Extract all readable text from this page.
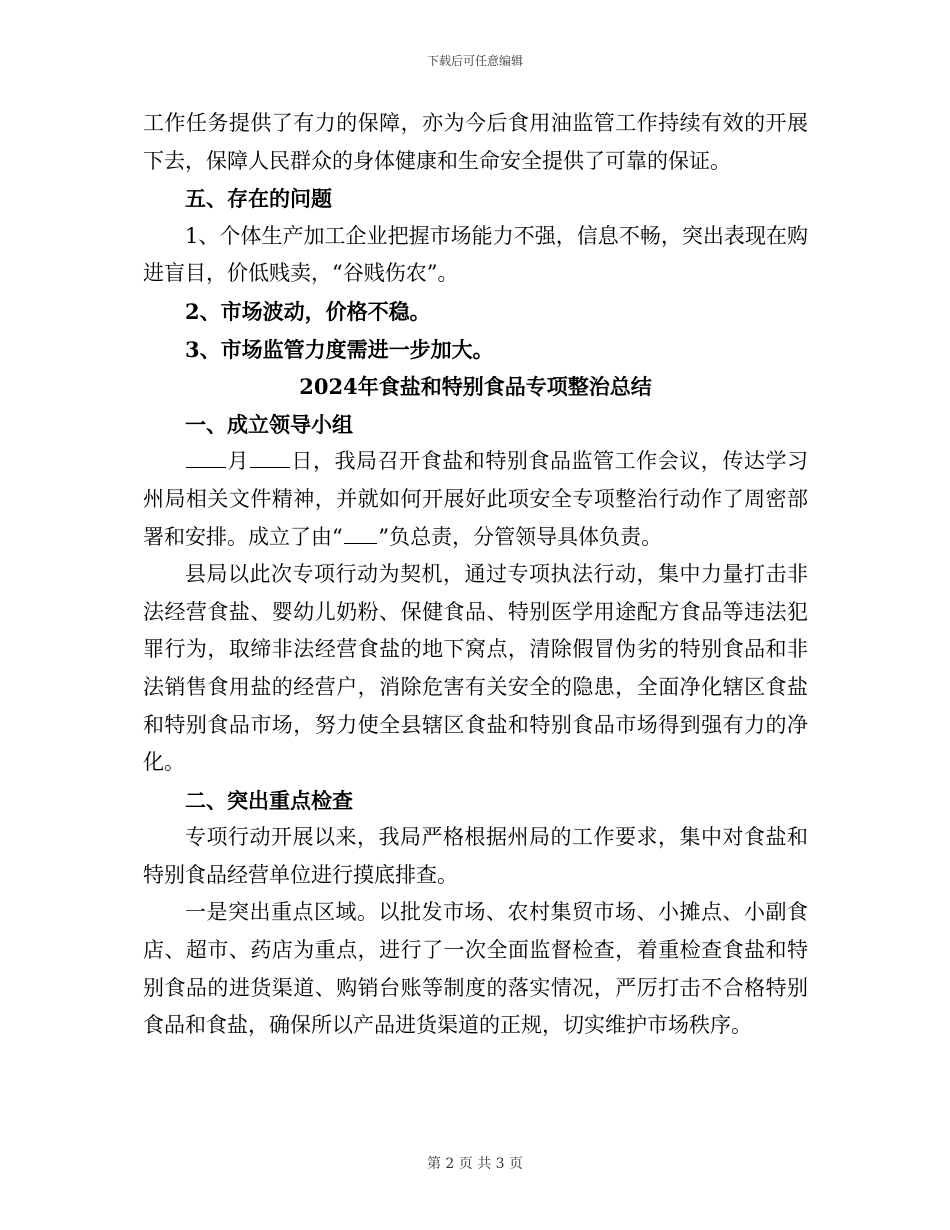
下载后可任意编辑

工作任务提供了有力的保障，亦为今后食用油监管工作持续有效的开展下去，保障人民群众的身体健康和生命安全提供了可靠的保证。

五、存在的问题

1、个体生产加工企业把握市场能力不强，信息不畅，突出表现在购进盲目，价低贱卖，“谷贱伤农”。

2、市场波动，价格不稳。

3、市场监管力度需进一步加大。

2024年食盐和特别食品专项整治总结

一、成立领导小组

月 日，我局召开食盐和特别食品监管工作会议，传达学习州局相关文件精神，并就如何开展好此项安全专项整治行动作了周密部署和安排。成立了由“ ”负总责，分管领导具体负责。

县局以此次专项行动为契机，通过专项执法行动，集中力量打击非法经营食盐、婴幼儿奶粉、保健食品、特别医学用途配方食品等违法犯罪行为，取缔非法经营食盐的地下窝点，清除假冒伪劣的特别食品和非法销售食用盐的经营户，消除危害有关安全的隐患，全面净化辖区食盐和特别食品市场，努力使全县辖区食盐和特别食品市场得到强有力的净化。

二、突出重点检查

专项行动开展以来，我局严格根据州局的工作要求，集中对食盐和特别食品经营单位进行摸底排查。

一是突出重点区域。以批发市场、农村集贸市场、小摊点、小副食店、超市、药店为重点，进行了一次全面监督检查，着重检查食盐和特别食品的进货渠道、购销台账等制度的落实情况，严厉打击不合格特别食品和食盐，确保所以产品进货渠道的正规，切实维护市场秩序。

第 2 页 共 3 页
